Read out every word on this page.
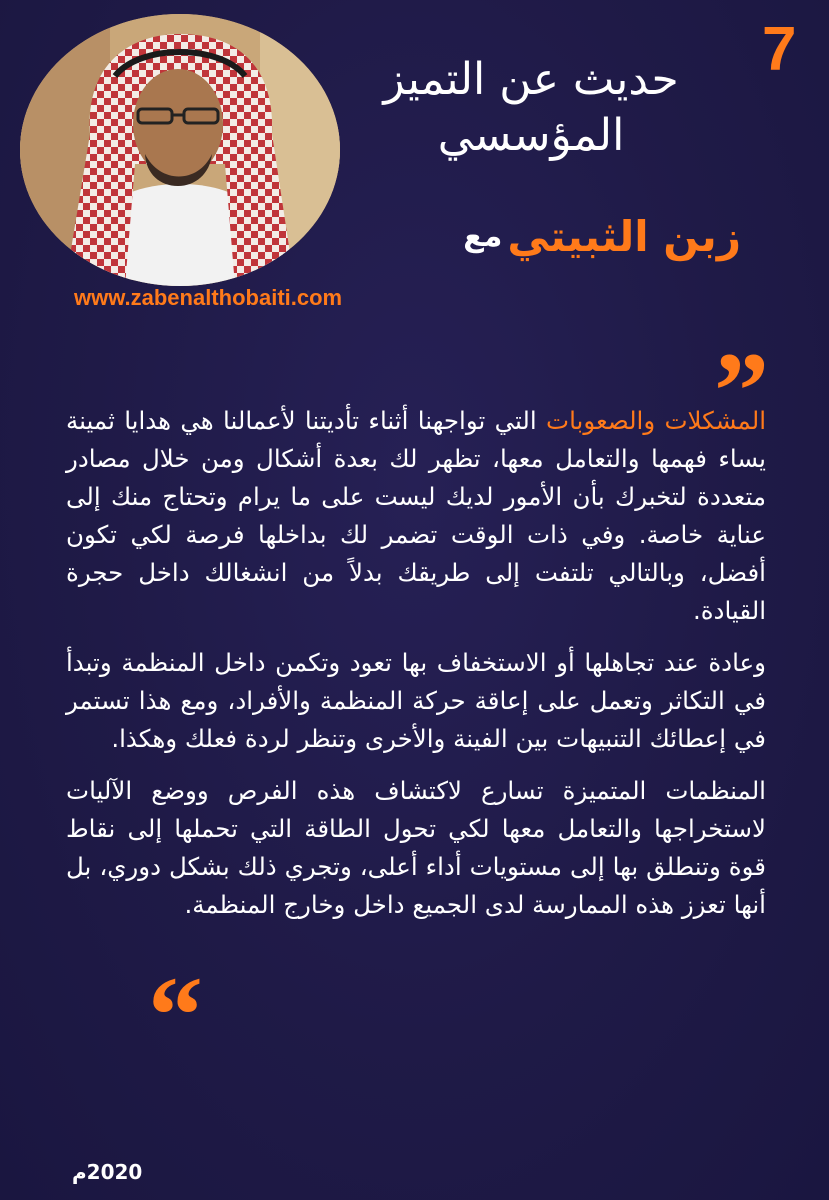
7
حديث عن التميز
المؤسسي
زبن الثبيتي مع
www.zabenalthobaiti.com
”

المشكلات والصعوبات التي تواجهنا أثناء تأديتنا لأعمالنا هي هدايا ثمينة يساء فهمها والتعامل معها، تظهر لك بعدة أشكال ومن خلال مصادر متعددة لتخبرك بأن الأمور لديك ليست على ما يرام وتحتاج منك إلى عناية خاصة. وفي ذات الوقت تضمر لك بداخلها فرصة لكي تكون أفضل، وبالتالي تلتفت إلى طريقك بدلاً من انشغالك داخل حجرة القيادة.

وعادة عند تجاهلها أو الاستخفاف بها تعود وتكمن داخل المنظمة وتبدأ في التكاثر وتعمل على إعاقة حركة المنظمة والأفراد، ومع هذا تستمر في إعطائك التنبيهات بين الفينة والأخرى وتنظر لردة فعلك وهكذا.

المنظمات المتميزة تسارع لاكتشاف هذه الفرص ووضع الآليات لاستخراجها والتعامل معها لكي تحول الطاقة التي تحملها إلى نقاط قوة وتنطلق بها إلى مستويات أداء أعلى، وتجري ذلك بشكل دوري، بل أنها تعزز هذه الممارسة لدى الجميع داخل وخارج المنظمة.

“
2020م
